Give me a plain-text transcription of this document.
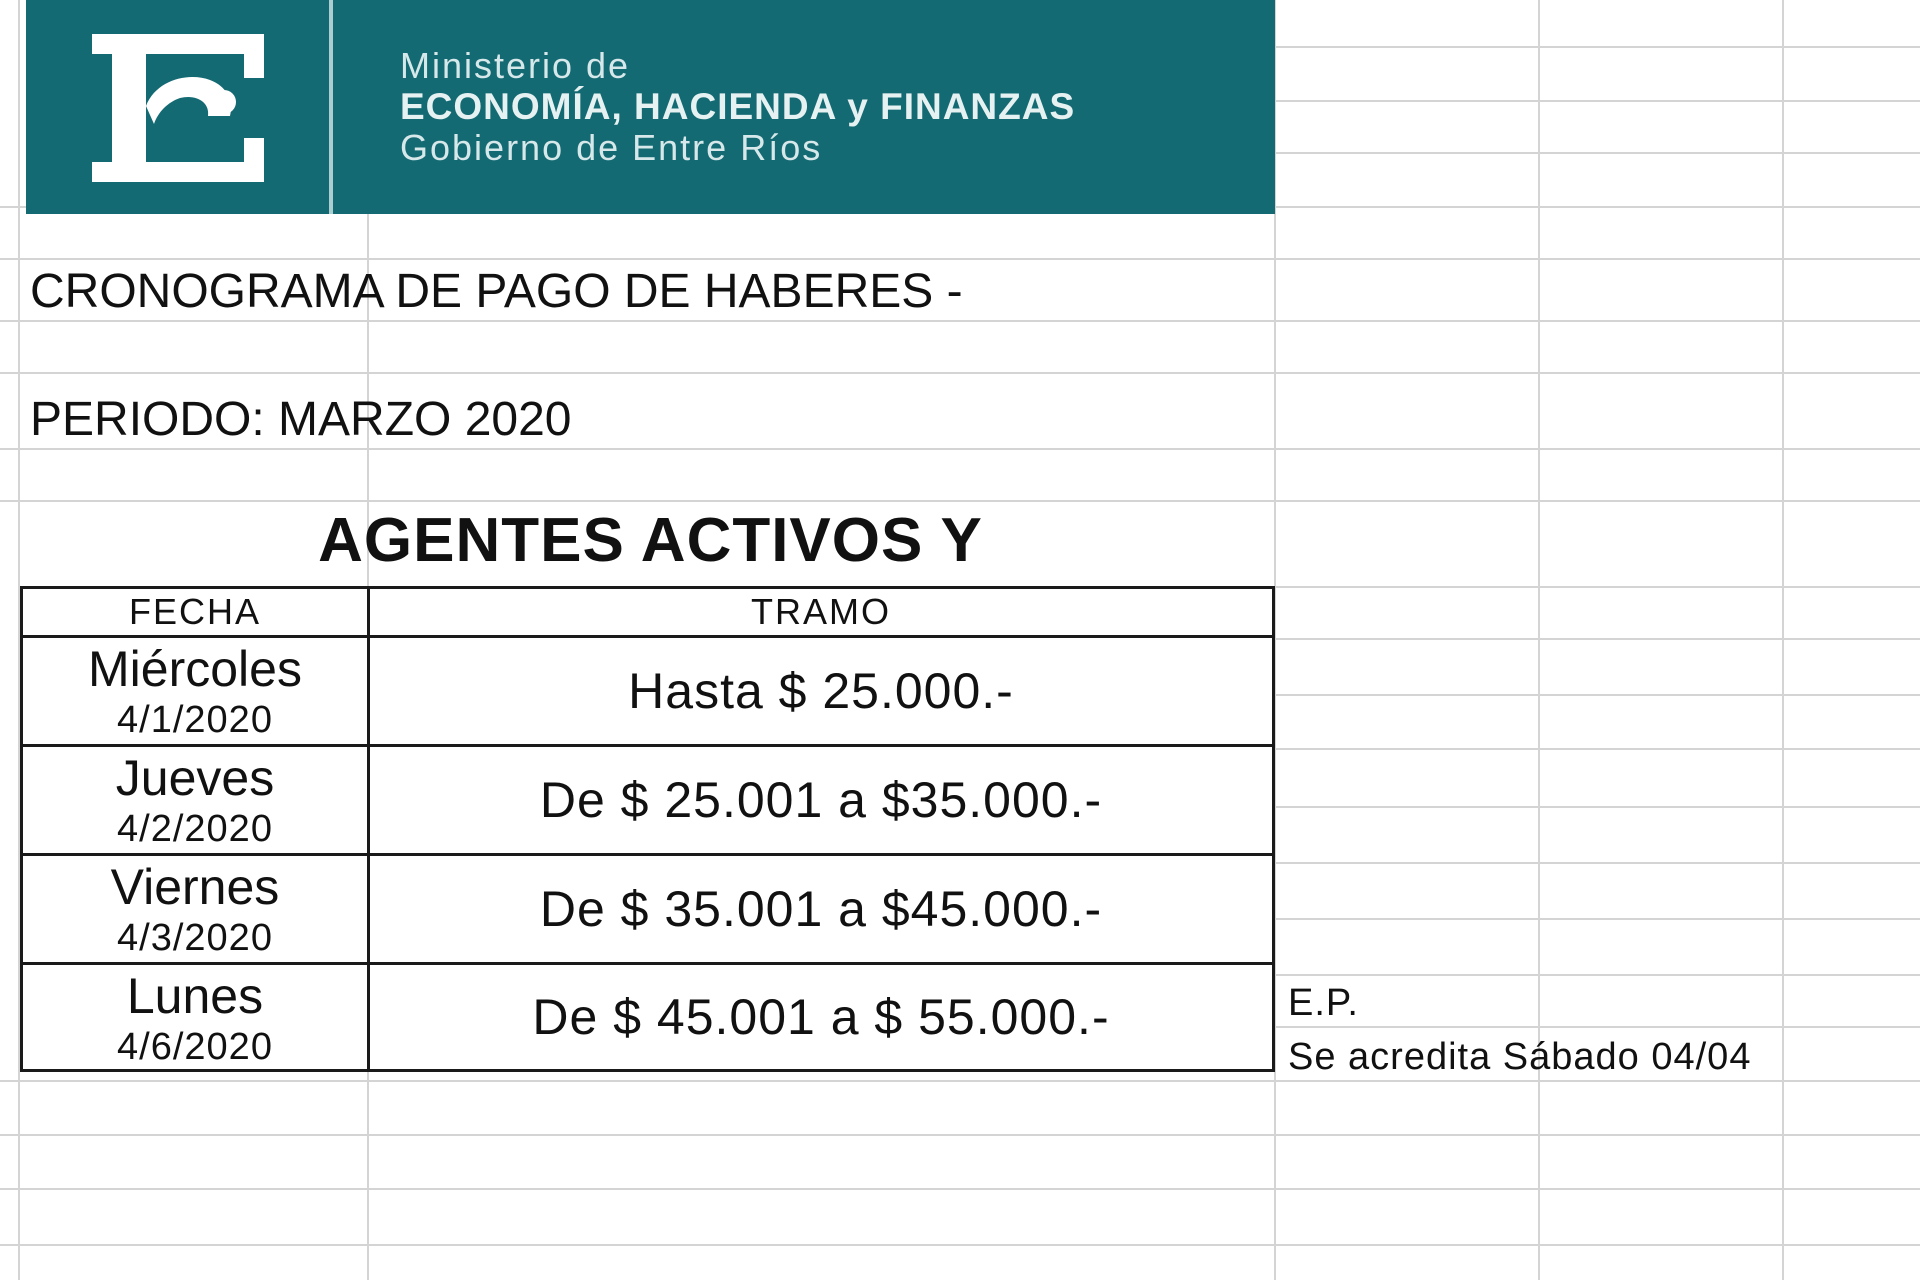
Ministerio de
ECONOMÍA, HACIENDA y FINANZAS
Gobierno de Entre Ríos
CRONOGRAMA DE PAGO DE HABERES -
PERIODO: MARZO 2020
AGENTES ACTIVOS Y
FECHA	TRAMO

Miércoles
4/1/2020	Hasta $ 25.000.-

Jueves
4/2/2020	De $ 25.001 a $35.000.-

Viernes
4/3/2020	De $ 35.001 a $45.000.-

Lunes
4/6/2020	De $ 45.001 a $ 55.000.-	E.P.
Se acredita Sábado 04/04
